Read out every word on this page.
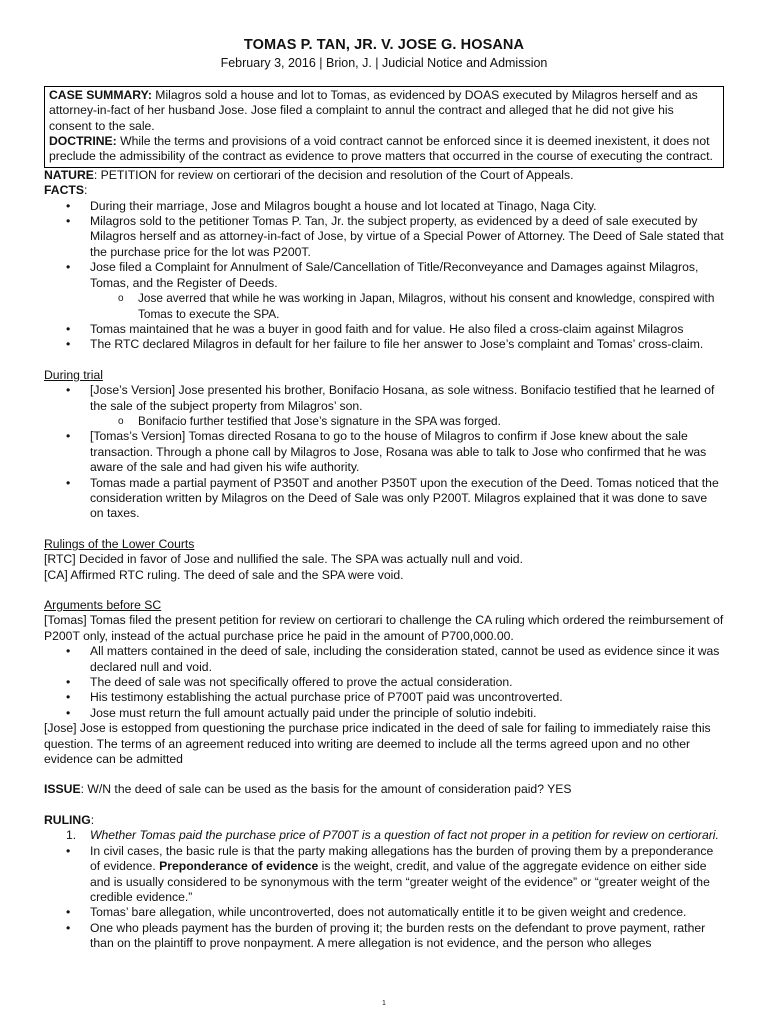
TOMAS P. TAN, JR. V. JOSE G. HOSANA
February 3, 2016 | Brion, J. | Judicial Notice and Admission

CASE SUMMARY: Milagros sold a house and lot to Tomas, as evidenced by DOAS executed by Milagros herself and as attorney-in-fact of her husband Jose. Jose filed a complaint to annul the contract and alleged that he did not give his consent to the sale.

DOCTRINE: While the terms and provisions of a void contract cannot be enforced since it is deemed inexistent, it does not preclude the admissibility of the contract as evidence to prove matters that occurred in the course of executing the contract.

NATURE: PETITION for review on certiorari of the decision and resolution of the Court of Appeals.

FACTS:

• During their marriage, Jose and Milagros bought a house and lot located at Tinago, Naga City.
• Milagros sold to the petitioner Tomas P. Tan, Jr. the subject property, as evidenced by a deed of sale executed by Milagros herself and as attorney-in-fact of Jose, by virtue of a Special Power of Attorney. The Deed of Sale stated that the purchase price for the lot was P200T.
• Jose filed a Complaint for Annulment of Sale/Cancellation of Title/Reconveyance and Damages against Milagros, Tomas, and the Register of Deeds.
o Jose averred that while he was working in Japan, Milagros, without his consent and knowledge, conspired with Tomas to execute the SPA.
• Tomas maintained that he was a buyer in good faith and for value. He also filed a cross-claim against Milagros
• The RTC declared Milagros in default for her failure to file her answer to Jose’s complaint and Tomas’ cross-claim.

During trial

• [Jose’s Version] Jose presented his brother, Bonifacio Hosana, as sole witness. Bonifacio testified that he learned of the sale of the subject property from Milagros’ son.
o Bonifacio further testified that Jose’s signature in the SPA was forged.
• [Tomas’s Version] Tomas directed Rosana to go to the house of Milagros to confirm if Jose knew about the sale transaction. Through a phone call by Milagros to Jose, Rosana was able to talk to Jose who confirmed that he was aware of the sale and had given his wife authority.
• Tomas made a partial payment of P350T and another P350T upon the execution of the Deed. Tomas noticed that the consideration written by Milagros on the Deed of Sale was only P200T. Milagros explained that it was done to save on taxes.

Rulings of the Lower Courts

[RTC] Decided in favor of Jose and nullified the sale. The SPA was actually null and void.

[CA] Affirmed RTC ruling. The deed of sale and the SPA were void.

Arguments before SC

[Tomas] Tomas filed the present petition for review on certiorari to challenge the CA ruling which ordered the reimbursement of P200T only, instead of the actual purchase price he paid in the amount of P700,000.00.

• All matters contained in the deed of sale, including the consideration stated, cannot be used as evidence since it was declared null and void.
• The deed of sale was not specifically offered to prove the actual consideration.
• His testimony establishing the actual purchase price of P700T paid was uncontroverted.
• Jose must return the full amount actually paid under the principle of solutio indebiti.

[Jose] Jose is estopped from questioning the purchase price indicated in the deed of sale for failing to immediately raise this question. The terms of an agreement reduced into writing are deemed to include all the terms agreed upon and no other evidence can be admitted

ISSUE: W/N the deed of sale can be used as the basis for the amount of consideration paid? YES

RULING:

1. Whether Tomas paid the purchase price of P700T is a question of fact not proper in a petition for review on certiorari.
• In civil cases, the basic rule is that the party making allegations has the burden of proving them by a preponderance of evidence. Preponderance of evidence is the weight, credit, and value of the aggregate evidence on either side and is usually considered to be synonymous with the term “greater weight of the evidence” or “greater weight of the credible evidence.”
• Tomas’ bare allegation, while uncontroverted, does not automatically entitle it to be given weight and credence.
• One who pleads payment has the burden of proving it; the burden rests on the defendant to prove payment, rather than on the plaintiff to prove nonpayment. A mere allegation is not evidence, and the person who alleges
1
